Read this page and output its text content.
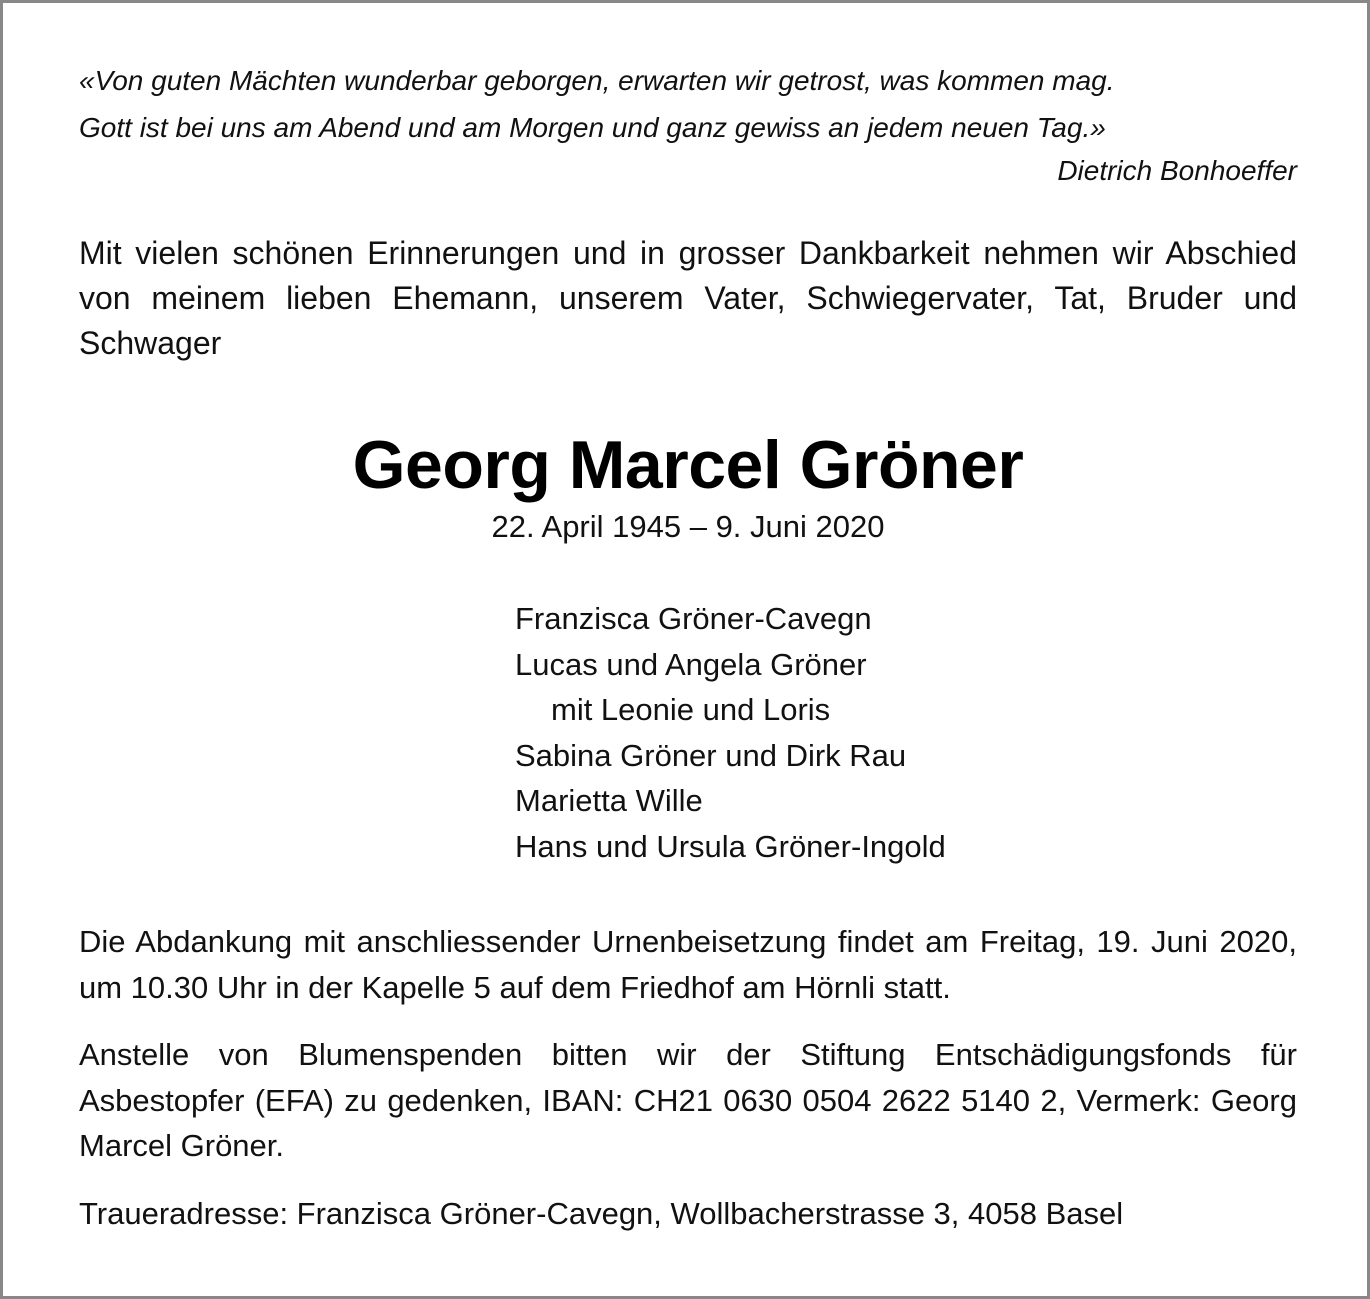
«Von guten Mächten wunderbar geborgen, erwarten wir getrost, was kommen mag.
Gott ist bei uns am Abend und am Morgen und ganz gewiss an jedem neuen Tag.»
Dietrich Bonhoeffer
Mit vielen schönen Erinnerungen und in grosser Dankbarkeit nehmen wir Abschied von meinem lieben Ehemann, unserem Vater, Schwiegervater, Tat, Bruder und Schwager
Georg Marcel Gröner
22. April 1945 – 9. Juni 2020
Franzisca Gröner-Cavegn
Lucas und Angela Gröner
mit Leonie und Loris
Sabina Gröner und Dirk Rau
Marietta Wille
Hans und Ursula Gröner-Ingold
Die Abdankung mit anschliessender Urnenbeisetzung findet am Freitag, 19. Juni 2020, um 10.30 Uhr in der Kapelle 5 auf dem Friedhof am Hörnli statt.
Anstelle von Blumenspenden bitten wir der Stiftung Entschädigungsfonds für Asbestopfer (EFA) zu gedenken, IBAN: CH21 0630 0504 2622 5140 2, Vermerk: Georg Marcel Gröner.
Traueradresse: Franzisca Gröner-Cavegn, Wollbacherstrasse 3, 4058 Basel
